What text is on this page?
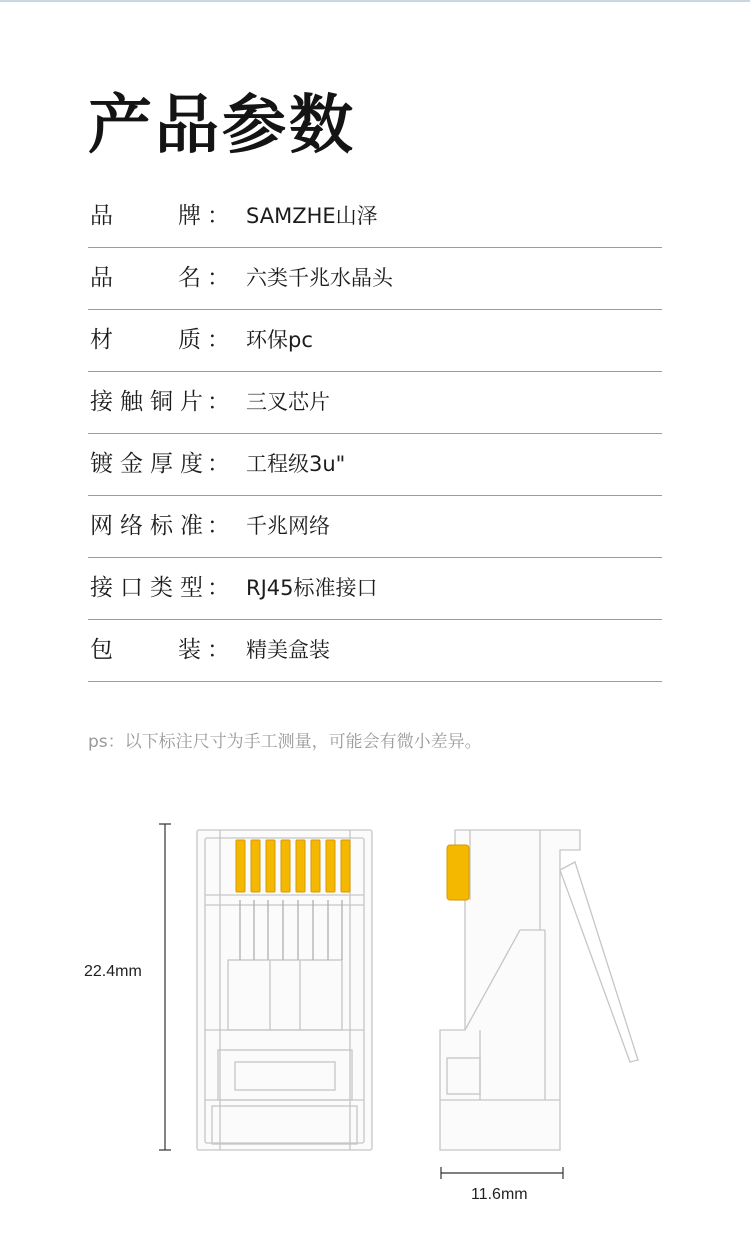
产品参数
品	牌 ： SAMZHE山泽
品	名 ： 六类千兆水晶头
材	质 ： 环保pc
接 触 铜 片 ： 三叉芯片
镀 金 厚 度 ： 工程级3u"
网 络 标 准 ： 千兆网络
接 口 类 型 ： RJ45标准接口
包	装 ： 精美盒装
ps：以下标注尺寸为手工测量，可能会有微小差异。
22.4mm
11.6mm
